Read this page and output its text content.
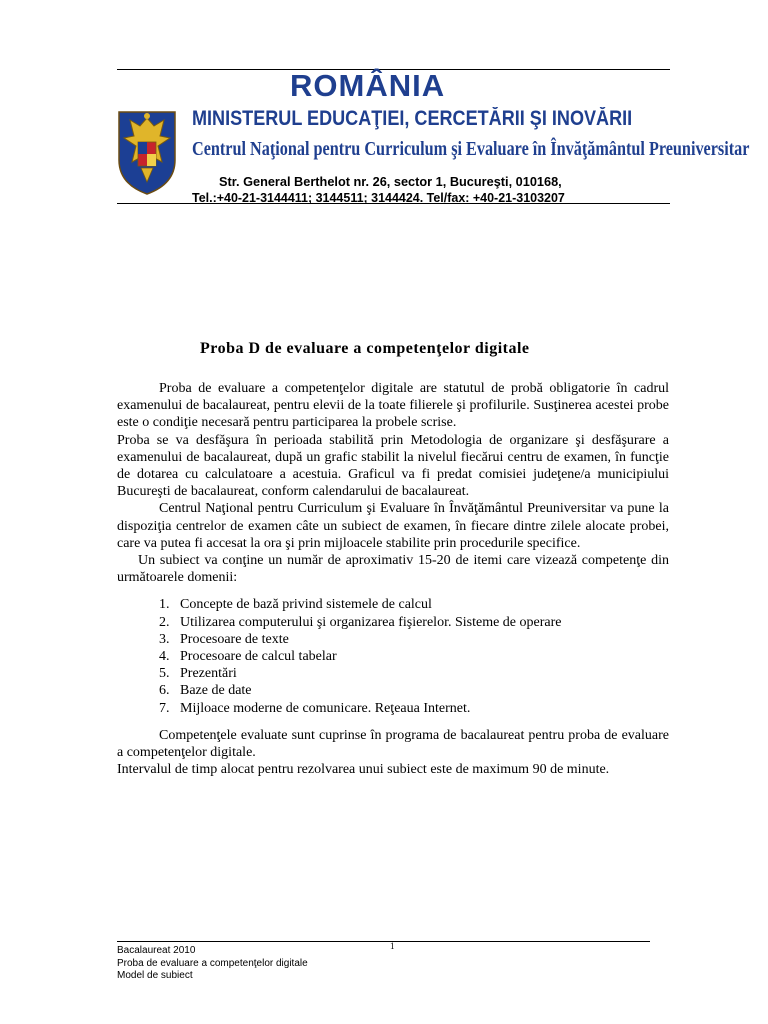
ROMÂNIA
MINISTERUL EDUCAŢIEI, CERCETĂRII ŞI INOVĂRII
Centrul Naţional pentru Curriculum şi Evaluare în Învăţământul Preuniversitar
Str. General Berthelot nr. 26, sector 1, Bucureşti, 010168,
Tel.:+40-21-3144411; 3144511; 3144424. Tel/fax: +40-21-3103207
Proba D de evaluare a competenţelor digitale

Proba de evaluare a competenţelor digitale are statutul de probă obligatorie în cadrul examenului de bacalaureat, pentru elevii de la toate filierele şi profilurile. Susţinerea acestei probe este o condiţie necesară pentru participarea la probele scrise.

Proba se va desfăşura în perioada stabilită prin Metodologia de organizare şi desfăşurare a examenului de bacalaureat, după un grafic stabilit la nivelul fiecărui centru de examen, în funcţie de dotarea cu calculatoare a acestuia. Graficul va fi predat comisiei judeţene/a municipiului Bucureşti de bacalaureat, conform calendarului de bacalaureat.

Centrul Naţional pentru Curriculum şi Evaluare în Învăţământul Preuniversitar va pune la dispoziţia centrelor de examen câte un subiect de examen, în fiecare dintre zilele alocate probei, care va putea fi accesat la ora şi prin mijloacele stabilite prin procedurile specifice.

Un subiect va conţine un număr de aproximativ 15-20 de itemi care vizează competenţe din următoarele domenii:

1. Concepte de bază privind sistemele de calcul
2. Utilizarea computerului şi organizarea fişierelor. Sisteme de operare
3. Procesoare de texte
4. Procesoare de calcul tabelar
5. Prezentări
6. Baze de date
7. Mijloace moderne de comunicare. Reţeaua Internet.

Competenţele evaluate sunt cuprinse în programa de bacalaureat pentru proba de evaluare a competenţelor digitale.

Intervalul de timp alocat pentru rezolvarea unui subiect este de maximum 90 de minute.

1
Bacalaureat 2010
Proba de evaluare a competenţelor digitale
Model de subiect
